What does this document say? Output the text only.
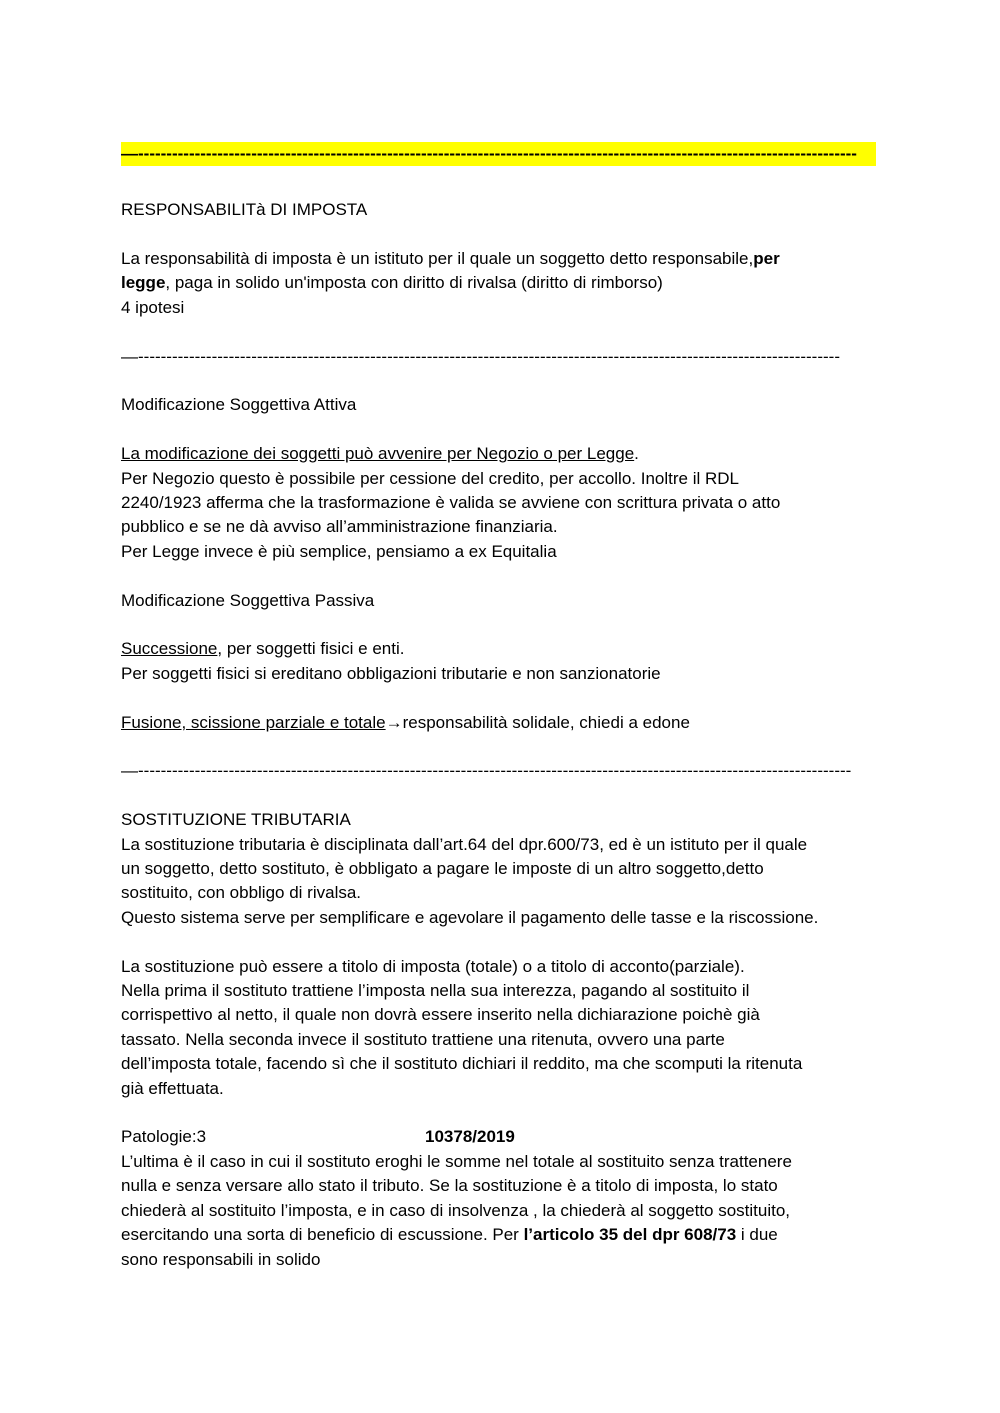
—-------------------------------------------------------------------------------------------------------------------------------

RESPONSABILITà DI IMPOSTA

La responsabilità di imposta è un istituto per il quale un soggetto detto responsabile,per

legge, paga in solido un'imposta con diritto di rivalsa (diritto di rimborso)

4 ipotesi

—----------------------------------------------------------------------------------------------------------------------------

Modificazione Soggettiva Attiva

La modificazione dei soggetti può avvenire per Negozio o per Legge.

Per Negozio questo è possibile per cessione del credito, per accollo. Inoltre il RDL

2240/1923 afferma che la trasformazione è valida se avviene con scrittura privata o atto

pubblico e se ne dà avviso all’amministrazione finanziaria.

Per Legge invece è più semplice, pensiamo a ex Equitalia

Modificazione Soggettiva Passiva

Successione, per soggetti fisici e enti.

Per soggetti fisici si ereditano obbligazioni tributarie e non sanzionatorie

Fusione, scissione parziale e totale→responsabilità solidale, chiedi a edone

—------------------------------------------------------------------------------------------------------------------------------

SOSTITUZIONE TRIBUTARIA

La sostituzione tributaria è disciplinata dall’art.64 del dpr.600/73, ed è un istituto per il quale

un soggetto, detto sostituto, è obbligato a pagare le imposte di un altro soggetto,detto

sostituito, con obbligo di rivalsa.

Questo sistema serve per semplificare e agevolare il pagamento delle tasse e la riscossione.

La sostituzione può essere a titolo di imposta (totale) o a titolo di acconto(parziale).

Nella prima il sostituto trattiene l’imposta nella sua interezza, pagando al sostituito il

corrispettivo al netto, il quale non dovrà essere inserito nella dichiarazione poichè già

tassato. Nella seconda invece il sostituto trattiene una ritenuta, ovvero una parte

dell’imposta totale, facendo sì che il sostituto dichiari il reddito, ma che scomputi la ritenuta

già effettuata.

Patologie:3	10378/2019

L’ultima è il caso in cui il sostituto eroghi le somme nel totale al sostituito senza trattenere

nulla e senza versare allo stato il tributo. Se la sostituzione è a titolo di imposta, lo stato

chiederà al sostituito l’imposta, e in caso di insolvenza , la chiederà al soggetto sostituito,

esercitando una sorta di beneficio di escussione. Per l’articolo 35 del dpr 608/73 i due

sono responsabili in solido
